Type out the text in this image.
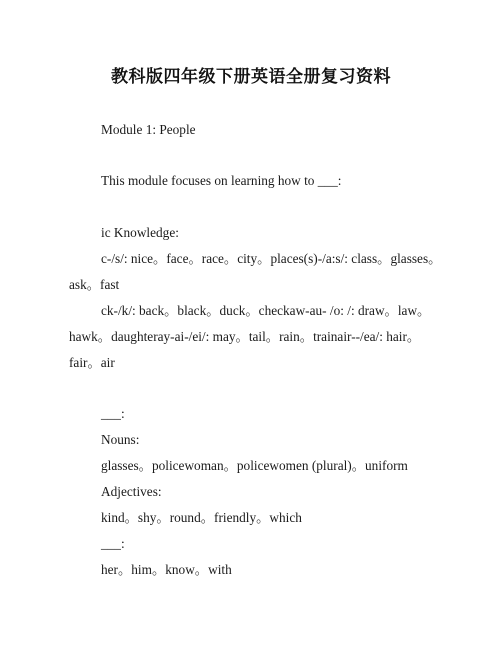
教科版四年级下册英语全册复习资料
Module 1: People
This module focuses on learning how to ___:
ic Knowledge:
c-/s/: nice。face。race。city。places(s)-/a:s/: class。glasses。
ask。fast
ck-/k/: back。black。duck。checkaw-au- /o: /: draw。law。
hawk。daughteray-ai-/ei/: may。tail。rain。trainair--/ea/: hair。
fair。air
___:
Nouns:
glasses。policewoman。policewomen (plural)。uniform
Adjectives:
kind。shy。round。friendly。which
___:
her。him。know。with
